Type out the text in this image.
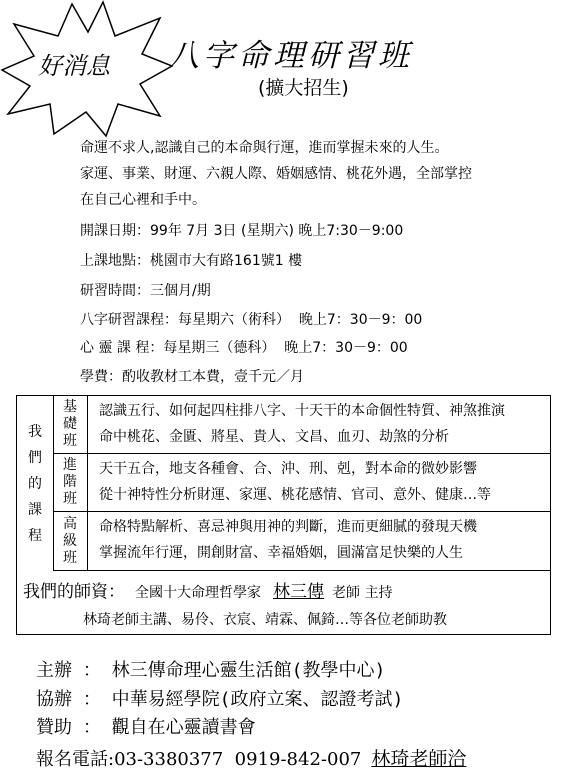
好消息 八字命理研習班
(擴大招生)
命運不求人,認識自己的本命與行運，進而掌握未來的人生。
家運、事業、財運、六親人際、婚姻感情、桃花外遇，全部掌控
在自己心裡和手中。
開課日期：99年 7月 3日 (星期六) 晚上7:30－9:00
上課地點：桃園市大有路161號1 樓
研習時間：三個月/期
八字研習課程：每星期六（術科）  晚上7：30－9：00
心 靈 課 程：每星期三（德科）  晚上7：30－9：00
學費：酌收教材工本費，壹千元／月
我
們
的
課
程
基
礎
班
認識五行、如何起四柱排八字、十天干的本命個性特質、神煞推演
命中桃花、金匱、將星、貴人、文昌、血刃、劫煞的分析
進
階
班
天干五合，地支各種會、合、沖、刑、剋，對本命的微妙影響
從十神特性分析財運、家運、桃花感情、官司、意外、健康…等
高
級
班
命格特點解析、喜忌神與用神的判斷，進而更細膩的發現天機
掌握流年行運，開創財富、幸福婚姻，圓滿富足快樂的人生
我們的師資： 全國十大命理哲學家 林三傳 老師 主持
林琦老師主講、易伶、衣宸、靖霖、佩錡…等各位老師助教
主辦 ： 林三傳命理心靈生活館(教學中心)
協辦 ： 中華易經學院(政府立案、認證考試)
贊助 ： 觀自在心靈讀書會
報名電話:03-3380377  0919-842-007 林琦老師洽
